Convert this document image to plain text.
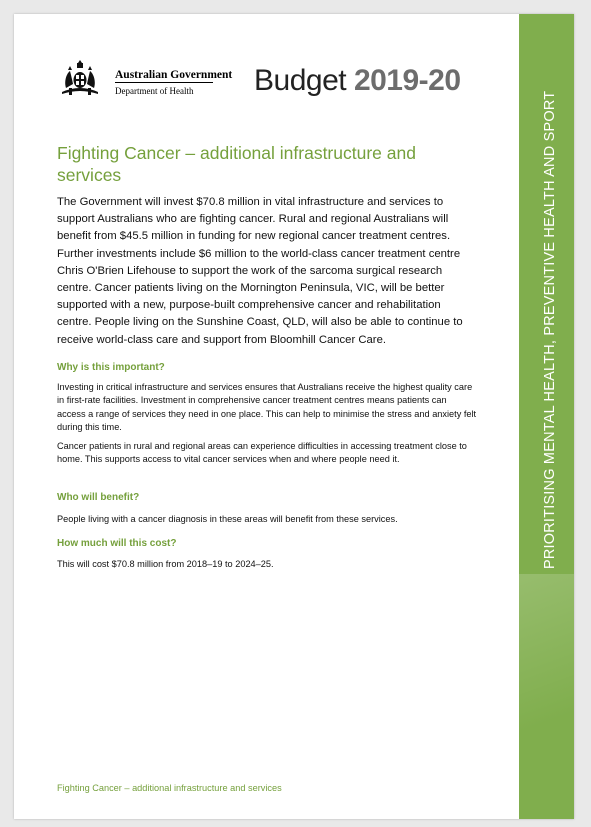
Australian Government
Department of Health Budget 2019-20
Fighting Cancer – additional infrastructure and services
The Government will invest $70.8 million in vital infrastructure and services to support Australians who are fighting cancer. Rural and regional Australians will benefit from $45.5 million in funding for new regional cancer treatment centres. Further investments include $6 million to the world-class cancer treatment centre Chris O'Brien Lifehouse to support the work of the sarcoma surgical research centre. Cancer patients living on the Mornington Peninsula, VIC, will be better supported with a new, purpose-built comprehensive cancer and rehabilitation centre. People living on the Sunshine Coast, QLD, will also be able to continue to receive world-class care and support from Bloomhill Cancer Care.
Why is this important?
Investing in critical infrastructure and services ensures that Australians receive the highest quality care in first-rate facilities. Investment in comprehensive cancer treatment centres means patients can access a range of services they need in one place. This can help to minimise the stress and anxiety felt during this time.
Cancer patients in rural and regional areas can experience difficulties in accessing treatment close to home. This supports access to vital cancer services when and where people need it.
Who will benefit?
People living with a cancer diagnosis in these areas will benefit from these services.
How much will this cost?
This will cost $70.8 million from 2018–19 to 2024–25.
Fighting Cancer – additional infrastructure and services
PRIORITISING MENTAL HEALTH, PREVENTIVE HEALTH AND SPORT
